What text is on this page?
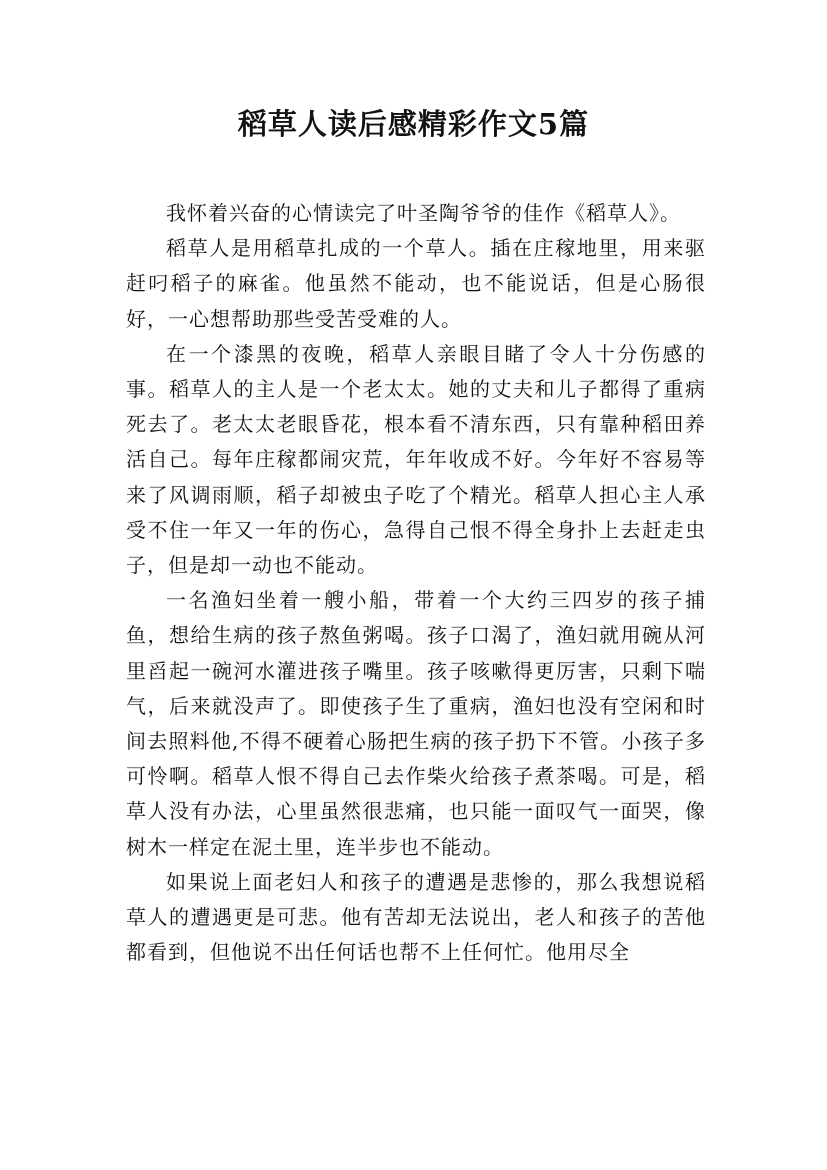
稻草人读后感精彩作文5篇

我怀着兴奋的心情读完了叶圣陶爷爷的佳作《稻草人》。

稻草人是用稻草扎成的一个草人。插在庄稼地里，用来驱赶叼稻子的麻雀。他虽然不能动，也不能说话，但是心肠很好，一心想帮助那些受苦受难的人。

在一个漆黑的夜晚，稻草人亲眼目睹了令人十分伤感的事。稻草人的主人是一个老太太。她的丈夫和儿子都得了重病死去了。老太太老眼昏花，根本看不清东西，只有靠种稻田养活自己。每年庄稼都闹灾荒，年年收成不好。今年好不容易等来了风调雨顺，稻子却被虫子吃了个精光。稻草人担心主人承受不住一年又一年的伤心，急得自己恨不得全身扑上去赶走虫子，但是却一动也不能动。

一名渔妇坐着一艘小船，带着一个大约三四岁的孩子捕鱼，想给生病的孩子熬鱼粥喝。孩子口渴了，渔妇就用碗从河里舀起一碗河水灌进孩子嘴里。孩子咳嗽得更厉害，只剩下喘气，后来就没声了。即使孩子生了重病，渔妇也没有空闲和时间去照料他,不得不硬着心肠把生病的孩子扔下不管。小孩子多可怜啊。稻草人恨不得自己去作柴火给孩子煮茶喝。可是，稻草人没有办法，心里虽然很悲痛，也只能一面叹气一面哭，像树木一样定在泥土里，连半步也不能动。

如果说上面老妇人和孩子的遭遇是悲惨的，那么我想说稻草人的遭遇更是可悲。他有苦却无法说出，老人和孩子的苦他都看到，但他说不出任何话也帮不上任何忙。他用尽全
